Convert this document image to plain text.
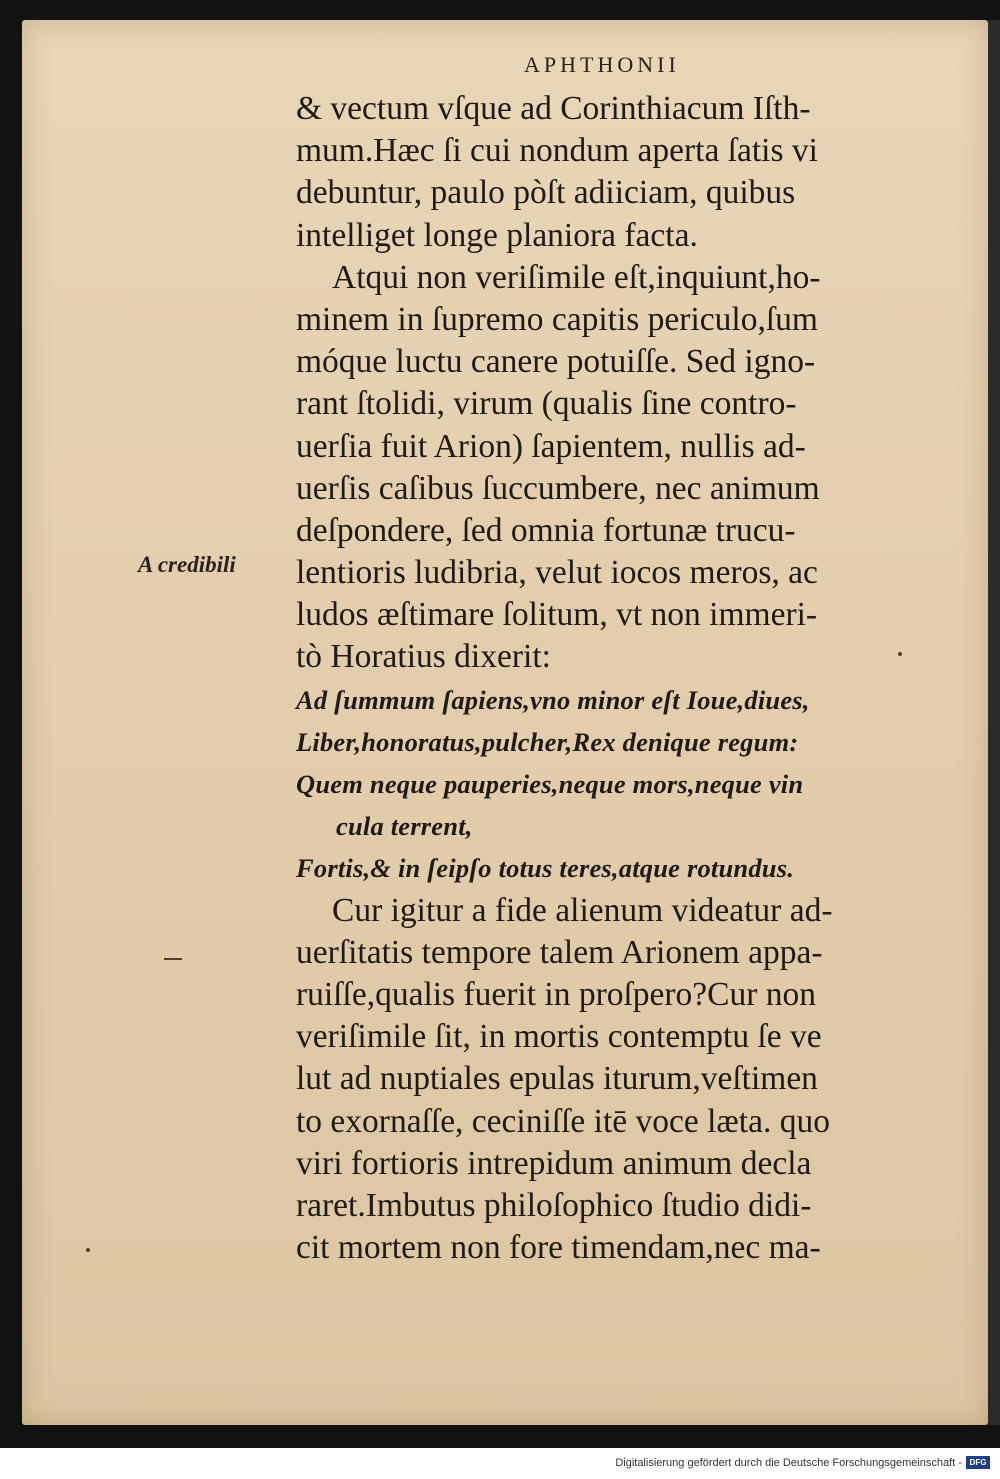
APHTHONII
A credibili
& vectum vſque ad Corinthiacum Iſth-
mum.Hæc ſi cui nondum aperta ſatis vi
debuntur, paulo pòſt adiiciam, quibus
intelliget longe planiora facta.
Atqui non veriſimile eſt,inquiunt,ho-
minem in ſupremo capitis periculo,ſum
móque luctu canere potuiſſe. Sed igno-
rant ſtolidi, virum (qualis ſine contro-
uerſia fuit Arion) ſapientem, nullis ad-
uerſis caſibus ſuccumbere, nec animum
deſpondere, ſed omnia fortunæ trucu-
lentioris ludibria, velut iocos meros, ac
ludos æſtimare ſolitum, vt non immeri-
tò Horatius dixerit:
Ad ſummum ſapiens,vno minor eſt Ioue,diues,
Liber,honoratus,pulcher,Rex denique regum:
Quem neque pauperies,neque mors,neque vin
cula terrent,
Fortis,& in ſeipſo totus teres,atque rotundus.
Cur igitur a fide alienum videatur ad-
uerſitatis tempore talem Arionem appa-
ruiſſe,qualis fuerit in proſpero?Cur non
veriſimile ſit, in mortis contemptu ſe ve
lut ad nuptiales epulas iturum,veſtimen
to exornaſſe, ceciniſſe itē voce læta. quo
viri fortioris intrepidum animum decla
raret.Imbutus philoſophico ſtudio didi-
cit mortem non fore timendam,nec ma-
Digitalisierung gefördert durch die Deutsche Forschungsgemeinschaft - DFG
